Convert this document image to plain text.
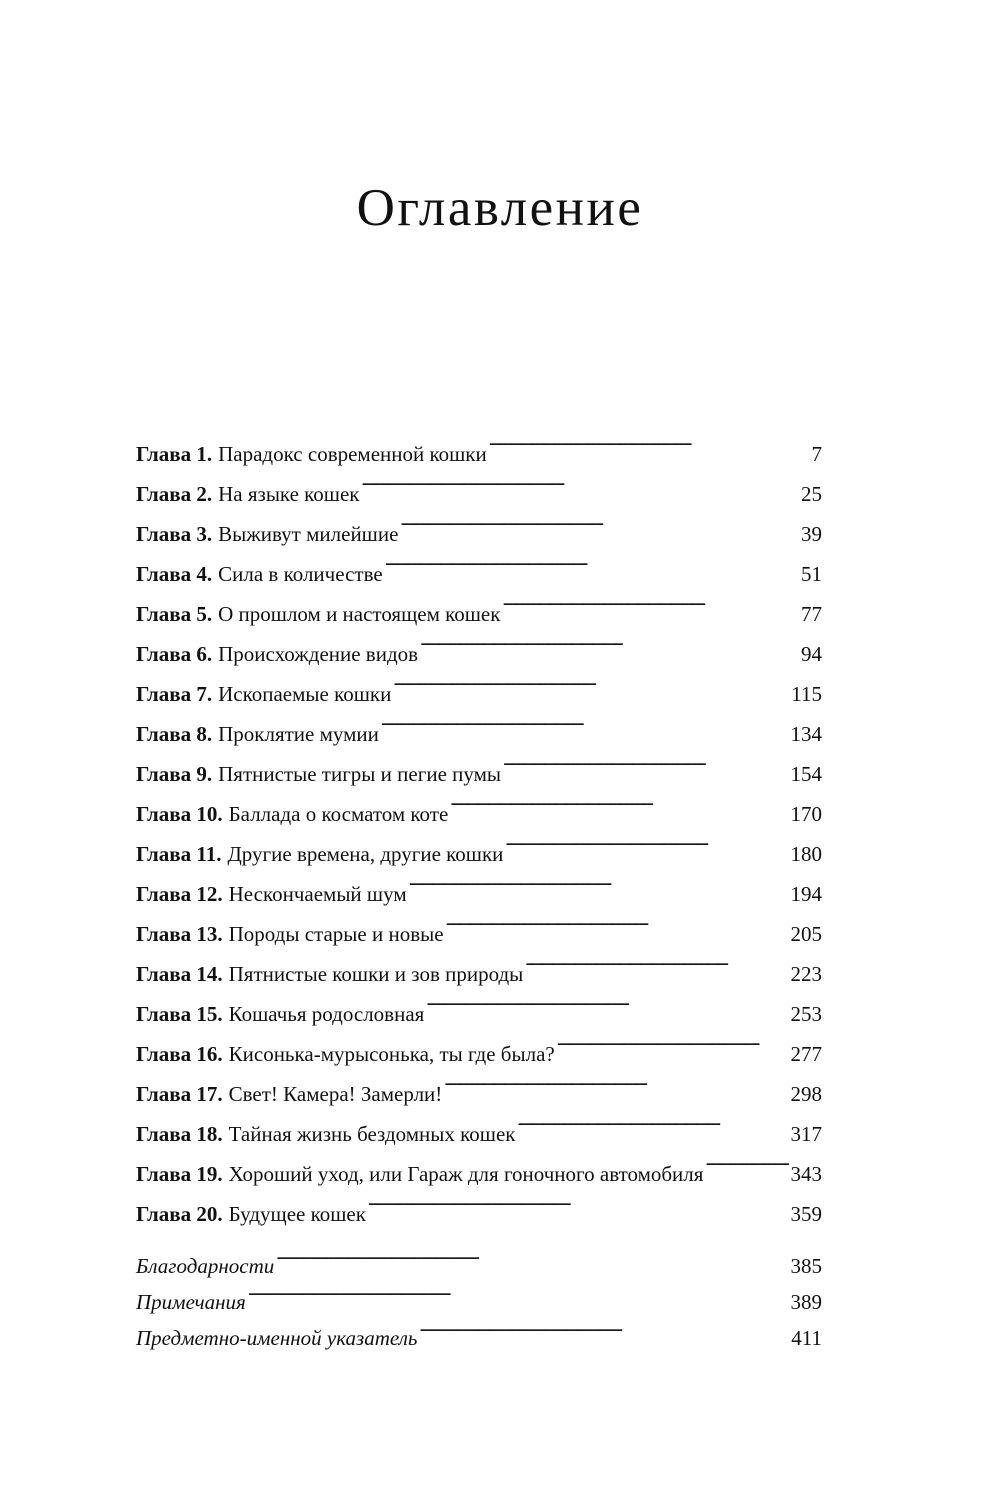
Оглавление
Глава 1. Парадокс современной кошки . . .	7
Глава 2. На языке кошек . . .	25
Глава 3. Выживут милейшие . . .	39
Глава 4. Сила в количестве . . .	51
Глава 5. О прошлом и настоящем кошек . . .	77
Глава 6. Происхождение видов . . .	94
Глава 7. Ископаемые кошки . . .	115
Глава 8. Проклятие мумии . . .	134
Глава 9. Пятнистые тигры и пегие пумы . . .	154
Глава 10. Баллада о косматом коте . . .	170
Глава 11. Другие времена, другие кошки . . .	180
Глава 12. Нескончаемый шум . . .	194
Глава 13. Породы старые и новые . . .	205
Глава 14. Пятнистые кошки и зов природы . . .	223
Глава 15. Кошачья родословная . . .	253
Глава 16. Кисонька-мурысонька, ты где была? . . .	277
Глава 17. Свет! Камера! Замерли! . . .	298
Глава 18. Тайная жизнь бездомных кошек . . .	317
Глава 19. Хороший уход, или Гараж для гоночного автомобиля . . .	343
Глава 20. Будущее кошек . . .	359
Благодарности . . .	385
Примечания . . .	389
Предметно-именной указатель . . .	411
